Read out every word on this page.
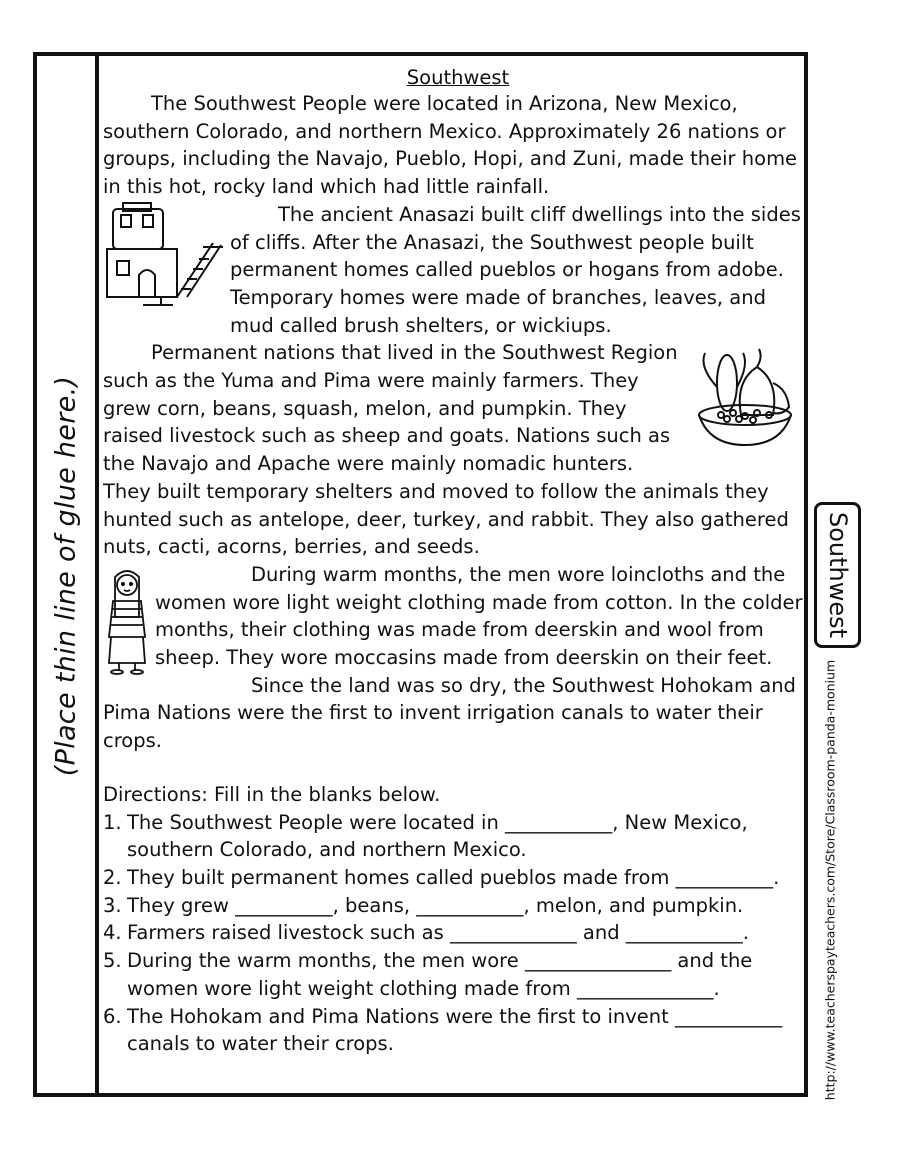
(Place thin line of glue here.)
Southwest

The Southwest People were located in Arizona, New Mexico, southern Colorado, and northern Mexico. Approximately 26 nations or groups, including the Navajo, Pueblo, Hopi, and Zuni, made their home in this hot, rocky land which had little rainfall.

The ancient Anasazi built cliff dwellings into the sides of cliffs. After the Anasazi, the Southwest people built permanent homes called pueblos or hogans from adobe. Temporary homes were made of branches, leaves, and mud called brush shelters, or wickiups.

Permanent nations that lived in the Southwest Region such as the Yuma and Pima were mainly farmers. They grew corn, beans, squash, melon, and pumpkin. They raised livestock such as sheep and goats. Nations such as the Navajo and Apache were mainly nomadic hunters. They built temporary shelters and moved to follow the animals they hunted such as antelope, deer, turkey, and rabbit. They also gathered nuts, cacti, acorns, berries, and seeds.

During warm months, the men wore loincloths and the women wore light weight clothing made from cotton. In the colder months, their clothing was made from deerskin and wool from sheep. They wore moccasins made from deerskin on their feet.

Since the land was so dry, the Southwest Hohokam and Pima Nations were the first to invent irrigation canals to water their crops.

Directions: Fill in the blanks below.
1. The Southwest People were located in ___________, New Mexico, southern Colorado, and northern Mexico.
2. They built permanent homes called pueblos made from __________.
3. They grew __________, beans, ___________, melon, and pumpkin.
4. Farmers raised livestock such as _____________ and ____________.
5. During the warm months, the men wore _______________ and the women wore light weight clothing made from ______________.
6. The Hohokam and Pima Nations were the first to invent ___________ canals to water their crops.
Southwest
http://www.teacherspayteachers.com/Store/Classroom-panda-monium
